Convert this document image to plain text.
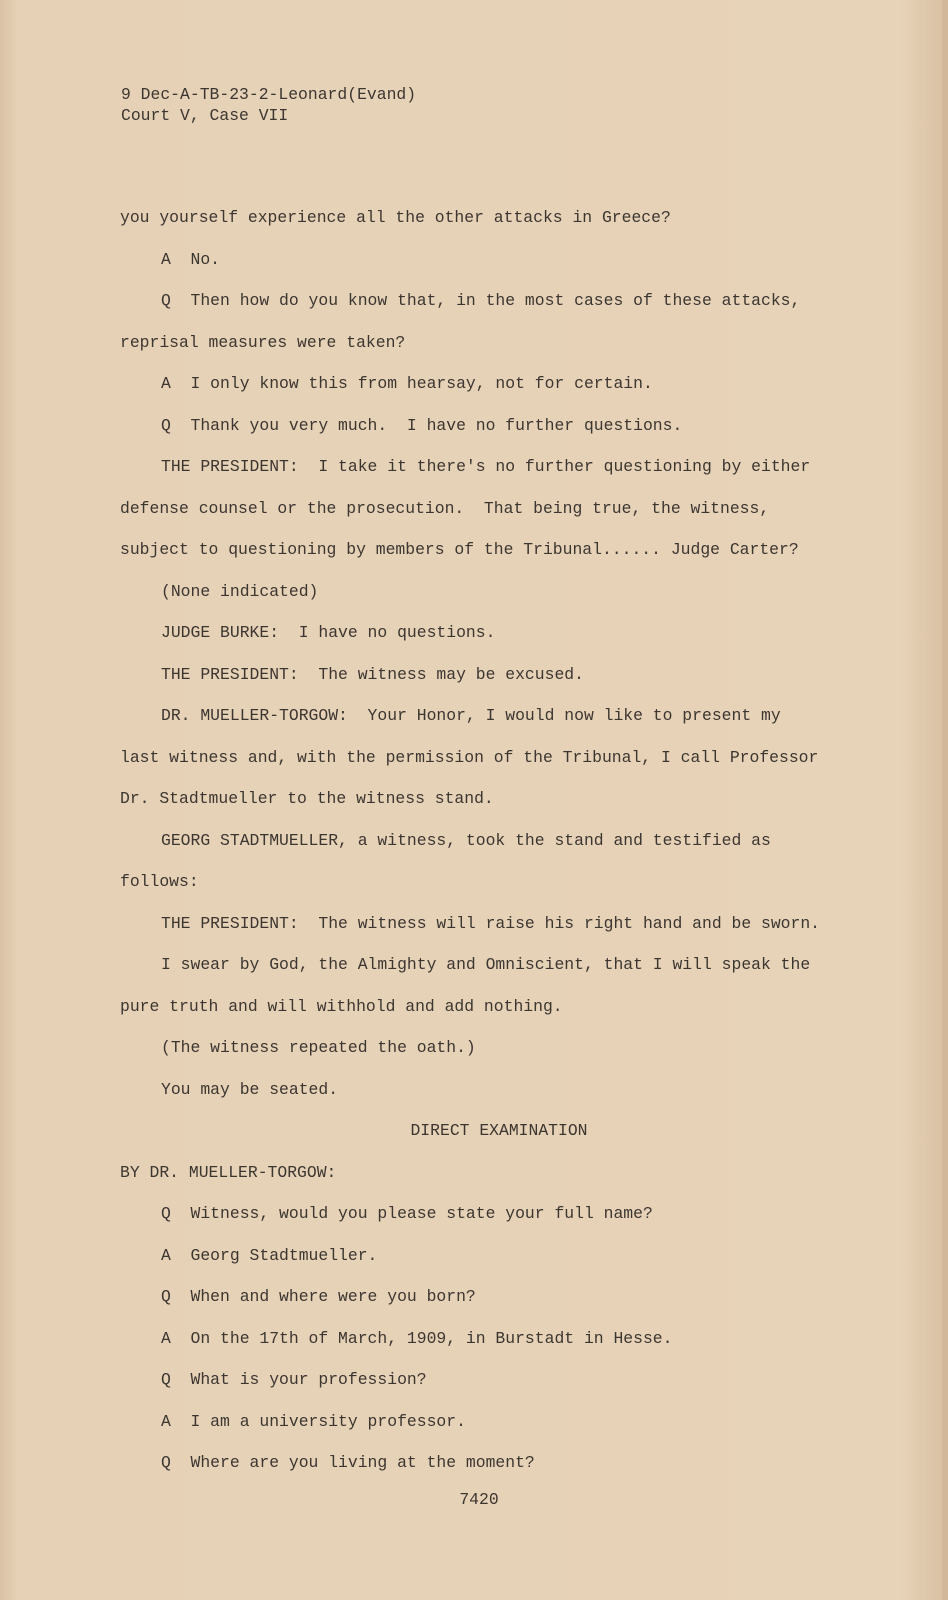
9 Dec-A-TB-23-2-Leonard(Evand)
Court V, Case VII
you yourself experience all the other attacks in Greece?
A  No.
Q  Then how do you know that, in the most cases of these attacks,
reprisal measures were taken?
A  I only know this from hearsay, not for certain.
Q  Thank you very much.  I have no further questions.
THE PRESIDENT:  I take it there's no further questioning by either
defense counsel or the prosecution.  That being true, the witness,
subject to questioning by members of the Tribunal...... Judge Carter?
(None indicated)
JUDGE BURKE:  I have no questions.
THE PRESIDENT:  The witness may be excused.
DR. MUELLER-TORGOW:  Your Honor, I would now like to present my
last witness and, with the permission of the Tribunal, I call Professor
Dr. Stadtmueller to the witness stand.
GEORG STADTMUELLER, a witness, took the stand and testified as
follows:
THE PRESIDENT:  The witness will raise his right hand and be sworn.
I swear by God, the Almighty and Omniscient, that I will speak the
pure truth and will withhold and add nothing.
(The witness repeated the oath.)
You may be seated.
DIRECT EXAMINATION
BY DR. MUELLER-TORGOW:
Q  Witness, would you please state your full name?
A  Georg Stadtmueller.
Q  When and where were you born?
A  On the 17th of March, 1909, in Burstadt in Hesse.
Q  What is your profession?
A  I am a university professor.
Q  Where are you living at the moment?
7420
